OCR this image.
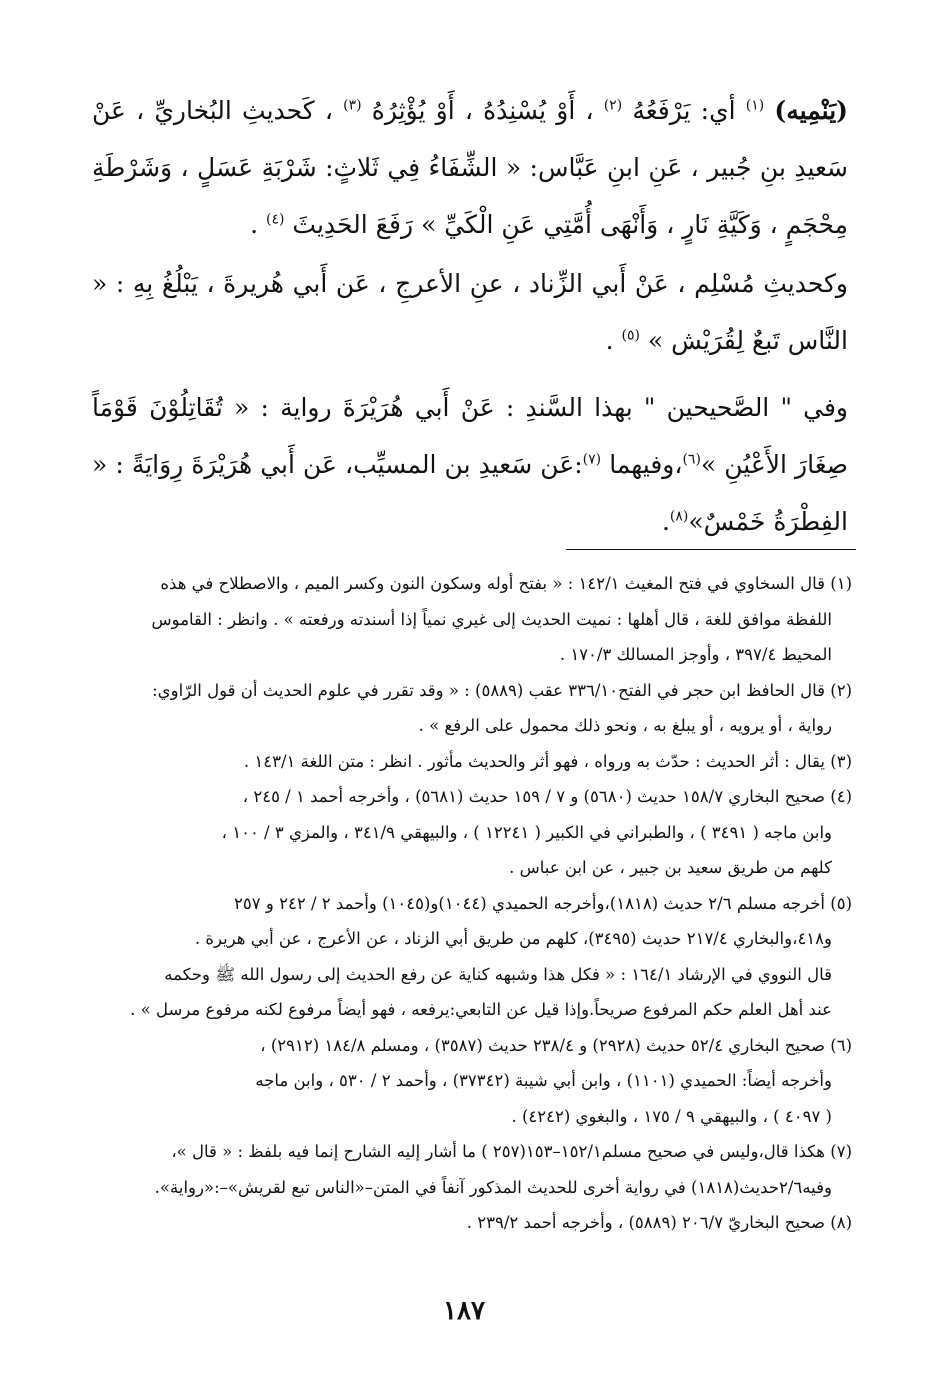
(يَنْمِيه) $^{(١)}$ أي: يَرْفَعُهُ $^{(٢)}$ ، أَوْ يُسْنِدُهُ ، أَوْ يُؤْثِرُهُ $^{(٣)}$ ، كَحديثِ البُخاريِّ ، عَنْ سَعيدِ بنِ جُبير ، عَنِ ابنِ عَبَّاس: « الشِّفَاءُ فِي ثَلاثٍ: شَرْبَةِ عَسَلٍ ، وَشَرْطَةِ مِحْجَمٍ ، وَكَيَّةِ نَارٍ ، وَأَنْهَى أُمَّتِي عَنِ الْكَيِّ » رَفَعَ الحَدِيثَ $^{(٤)}$ .

وكحديثِ مُسْلِم ، عَنْ أَبي الزِّناد ، عنِ الأعرجِ ، عَن أَبي هُريرةَ ، يَبْلُغُ بِهِ : « النَّاس تَبعٌ لِقُرَيْش » $^{(٥)}$ .

وفي " الصَّحيحين " بهذا السَّندِ : عَنْ أَبي هُرَيْرَةَ رواية : « تُقَاتِلُوْنَ قَوْمَاً صِغَارَ الأَعْيُنِ »$^{(٦)}$،وفيهما $^{(٧)}$:عَن سَعيدِ بن المسيِّب، عَن أَبي هُرَيْرَةَ رِوَايَةً : « الفِطْرَةُ خَمْسٌ»$^{(٨)}$.

(١) قال السخاوي في فتح المغيث ١٤٢/١ : « بفتح أوله وسكون النون وكسر الميم ، والاصطلاح في هذه

اللفظة موافق للغة ، قال أهلها : نميت الحديث إلى غيري نمياً إذا أسندته ورفعته » . وانظر : القاموس

المحيط ٣٩٧/٤ ، وأوجز المسالك ١٧٠/٣ .

(٢) قال الحافظ ابن حجر في الفتح٣٣٦/١٠ عقب (٥٨٨٩) : « وقد تقرر في علوم الحديث أن قول الرّاوي:

رواية ، أو يرويه ، أو يبلغ به ، ونحو ذلك محمول على الرفع » .

(٣) يقال : أثر الحديث : حدّث به ورواه ، فهو أثر والحديث مأثور . انظر : متن اللغة ١٤٣/١ .

(٤) صحيح البخاري ١٥٨/٧ حديث (٥٦٨٠) و ٧ / ١٥٩ حديث (٥٦٨١) ، وأخرجه أحمد ١ / ٢٤٥ ،

وابن ماجه ( ٣٤٩١ ) ، والطبراني في الكبير ( ١٢٢٤١ ) ، والبيهقي ٣٤١/٩ ، والمزي ٣ / ١٠٠ ،

كلهم من طريق سعيد بن جبير ، عن ابن عباس .

(٥) أخرجه مسلم ٢/٦ حديث (١٨١٨)،وأخرجه الحميدي (١٠٤٤)و(١٠٤٥) وأحمد ٢ / ٢٤٢ و ٢٥٧

و٤١٨،والبخاري ٢١٧/٤ حديث (٣٤٩٥)، كلهم من طريق أبي الزناد ، عن الأعرج ، عن أبي هريرة .

قال النووي في الإرشاد ١٦٤/١ : « فكل هذا وشبهه كناية عن رفع الحديث إلى رسول الله ﷺ وحكمه

عند أهل العلم حكم المرفوع صريحاً.وإذا قيل عن التابعي:يرفعه ، فهو أيضاً مرفوع لكنه مرفوع مرسل » .

(٦) صحيح البخاري ٥٢/٤ حديث (٢٩٢٨) و ٢٣٨/٤ حديث (٣٥٨٧) ، ومسلم ١٨٤/٨ (٢٩١٢) ،

وأخرجه أيضاً: الحميدي (١١٠١) ، وابن أبي شيبة (٣٧٣٤٢) ، وأحمد ٢ / ٥٣٠ ، وابن ماجه

( ٤٠٩٧ ) ، والبيهقي ٩ / ١٧٥ ، والبغوي (٤٢٤٢) .

(٧) هكذا قال،وليس في صحيح مسلم١٥٢/١–١٥٣(٢٥٧ ) ما أشار إليه الشارح إنما فيه بلفظ : « قال »،

وفيه٢/٦حديث(١٨١٨) في رواية أخرى للحديث المذكور آنفاً في المتن–«الناس تبع لقريش»–:«رواية».

(٨) صحيح البخاريّ ٢٠٦/٧ (٥٨٨٩) ، وأخرجه أحمد ٢٣٩/٢ .

١٨٧
